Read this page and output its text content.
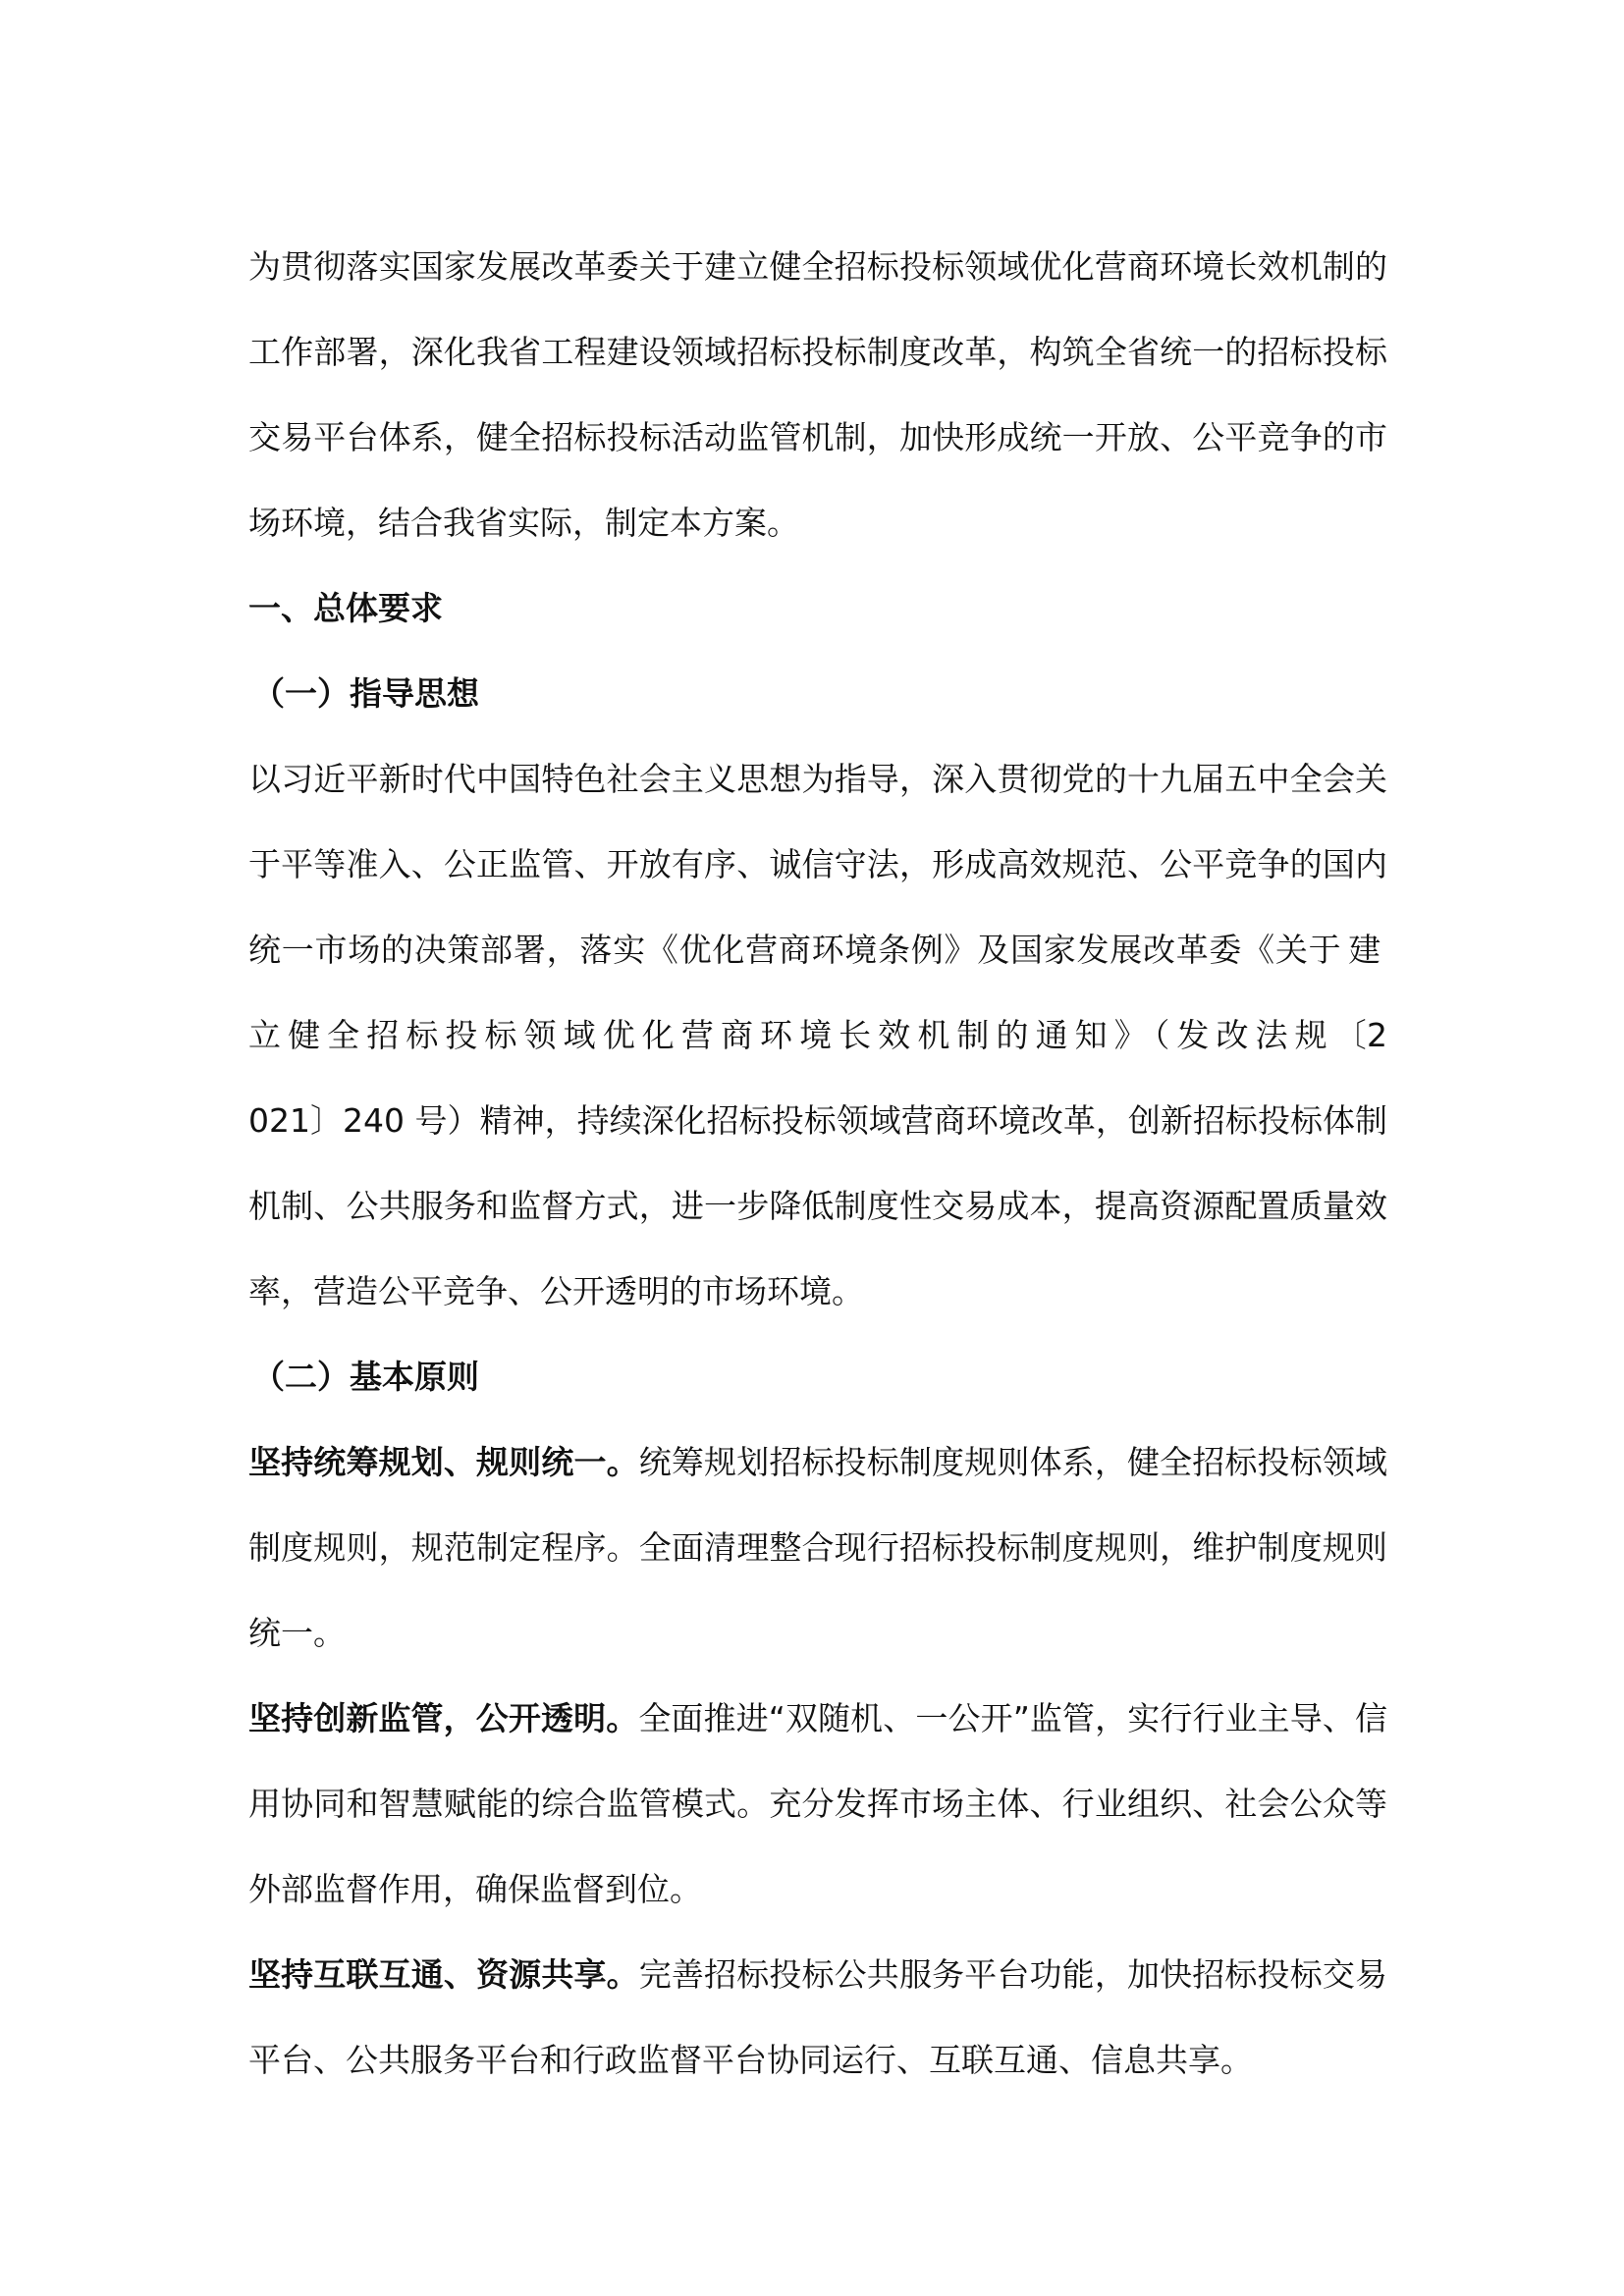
为贯彻落实国家发展改革委关于建立健全招标投标领域优化营商环境长效机制的工作部署，深化我省工程建设领域招标投标制度改革，构筑全省统一的招标投标交易平台体系，健全招标投标活动监管机制，加快形成统一开放、公平竞争的市场环境，结合我省实际，制定本方案。

一、总体要求

（一）指导思想

以习近平新时代中国特色社会主义思想为指导，深入贯彻党的十九届五中全会关于平等准入、公正监管、开放有序、诚信守法，形成高效规范、公平竞争的国内统一市场的决策部署，落实《优化营商环境条例》及国家发展改革委《关于建立健全招标投标领域优化营商环境长效机制的通知》（发改法规〔2021〕240 号）精神，持续深化招标投标领域营商环境改革，创新招标投标体制机制、公共服务和监督方式，进一步降低制度性交易成本，提高资源配置质量效率，营造公平竞争、公开透明的市场环境。

（二）基本原则

坚持统筹规划、规则统一。统筹规划招标投标制度规则体系，健全招标投标领域制度规则，规范制定程序。全面清理整合现行招标投标制度规则，维护制度规则统一。

坚持创新监管，公开透明。全面推进“双随机、一公开”监管，实行行业主导、信用协同和智慧赋能的综合监管模式。充分发挥市场主体、行业组织、社会公众等外部监督作用，确保监督到位。

坚持互联互通、资源共享。完善招标投标公共服务平台功能，加快招标投标交易平台、公共服务平台和行政监督平台协同运行、互联互通、信息共享。
